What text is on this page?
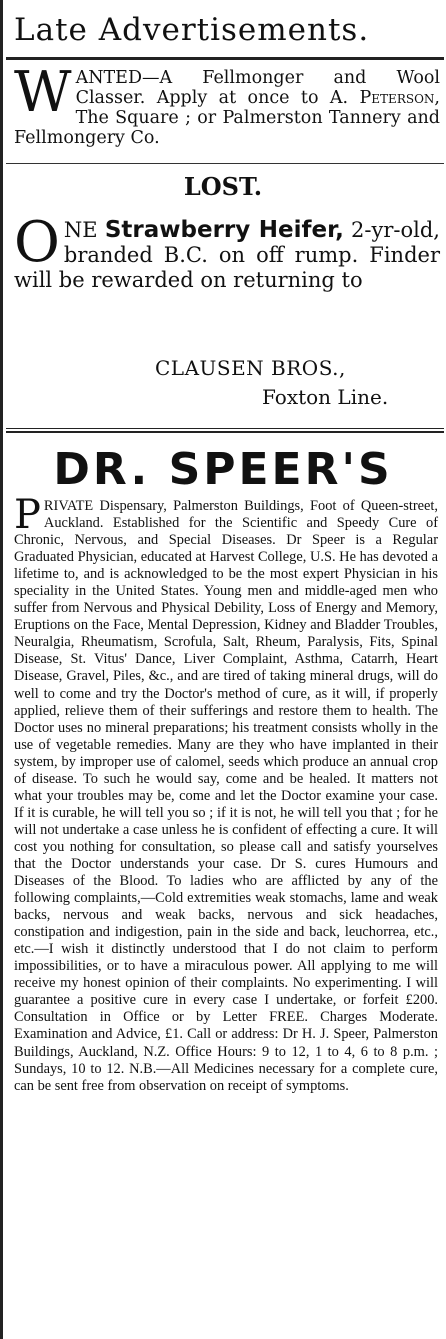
Late Advertisements.
WANTED—A Fellmonger and Wool Classer. Apply at once to A. Peterson, The Square ; or Palmerston Tannery and Fellmongery Co.
LOST.
ONE Strawberry Heifer, 2-yr-old, branded B.C. on off rump. Finder will be rewarded on returning to
CLAUSEN BROS.,
Foxton Line.
DR. SPEER'S
PRIVATE Dispensary, Palmerston Buildings, Foot of Queen-street, Auckland. Established for the Scientific and Speedy Cure of Chronic, Nervous, and Special Diseases. Dr Speer is a Regular Graduated Physician, educated at Harvest College, U.S. He has devoted a lifetime to, and is acknowledged to be the most expert Physician in his speciality in the United States. Young men and middle-aged men who suffer from Nervous and Physical Debility, Loss of Energy and Memory, Eruptions on the Face, Mental Depression, Kidney and Bladder Troubles, Neuralgia, Rheumatism, Scrofula, Salt, Rheum, Paralysis, Fits, Spinal Disease, St. Vitus' Dance, Liver Complaint, Asthma, Catarrh, Heart Disease, Gravel, Piles, &c., and are tired of taking mineral drugs, will do well to come and try the Doctor's method of cure, as it will, if properly applied, relieve them of their sufferings and restore them to health. The Doctor uses no mineral preparations; his treatment consists wholly in the use of vegetable remedies. Many are they who have implanted in their system, by improper use of calomel, seeds which produce an annual crop of disease. To such he would say, come and be healed. It matters not what your troubles may be, come and let the Doctor examine your case. If it is curable, he will tell you so ; if it is not, he will tell you that ; for he will not undertake a case unless he is confident of effecting a cure. It will cost you nothing for consultation, so please call and satisfy yourselves that the Doctor understands your case. Dr S. cures Humours and Diseases of the Blood. To ladies who are afflicted by any of the following complaints,—Cold extremities weak stomachs, lame and weak backs, nervous and weak backs, nervous and sick headaches, constipation and indigestion, pain in the side and back, leuchorrea, etc., etc.—I wish it distinctly understood that I do not claim to perform impossibilities, or to have a miraculous power. All applying to me will receive my honest opinion of their complaints. No experimenting. I will guarantee a positive cure in every case I undertake, or forfeit £200. Consultation in Office or by Letter FREE. Charges Moderate. Examination and Advice, £1. Call or address: Dr H. J. Speer, Palmerston Buildings, Auckland, N.Z. Office Hours: 9 to 12, 1 to 4, 6 to 8 p.m. ; Sundays, 10 to 12. N.B.—All Medicines necessary for a complete cure, can be sent free from observation on receipt of symptoms.
